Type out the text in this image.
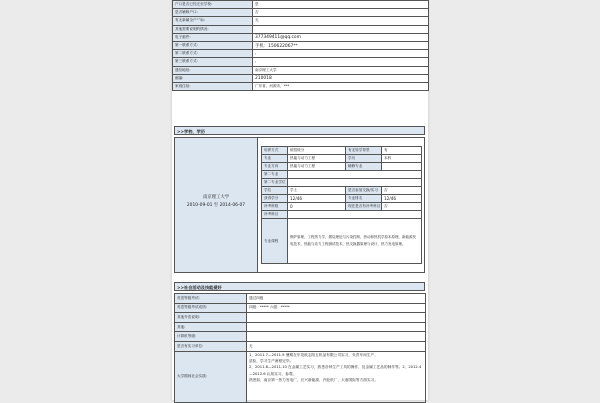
户口是否已经迁至学校:	是
是否辅修户口:	否
有无新属全户“”标:	无
其他需要说明的情况:	
电子邮件:	377349411@qq.com
第一联系方式:	手机：150622067**
第二联系方式:	:
第三联系方式:	:
通信地址:	南京理工大学
邮编:	210018
家庭住址:	广东省，河源市，***
>>学校、学历
南京理工大学
2010-09-01 至 2014-06-07
培养方式	统招统分	有无转学背景	有
专业	热能与动力工程	学历	本科
专业方向	热能与动力工程	辅修专业	
第二专业			
第二专业学位			
学位	学士	是否参加交换/实习	否
获得学分	12/46	专业排名	12/46
补考科数	0	现在是否有补考科目	否
补考科目			
专业课程	锅炉原理，工程热力学，燃烧理论与污染控制，热动和热机学原本原理，新能源发电技术，热能与动力工程测试技术，热交换器原理与设计，热力发电原理。		
>>社会活动及技能爱好
英语等级考试:	通过四级
英语等级考试成绩:	四级：***** 六级：*****
其他外语说明:	
其他:	
计算机等级:	
是否有实习单位:	无
大学期间社会实践:	1、2011.7—2011.9 暑期在东莞欧志阳五机品有限公司实习，负责车间生产、
质检，学习生产流程完毕。
2、2011.8—2011.10 在金属工艺实习，熟悉各种生产工具的操作，及金属工艺品的制作等。2、2012.4—2012.6 认知实习，参观、
熟悉如，南京第一热力发电厂，长兴新能源，汽轮机厂，大唐国际等方面实习。
